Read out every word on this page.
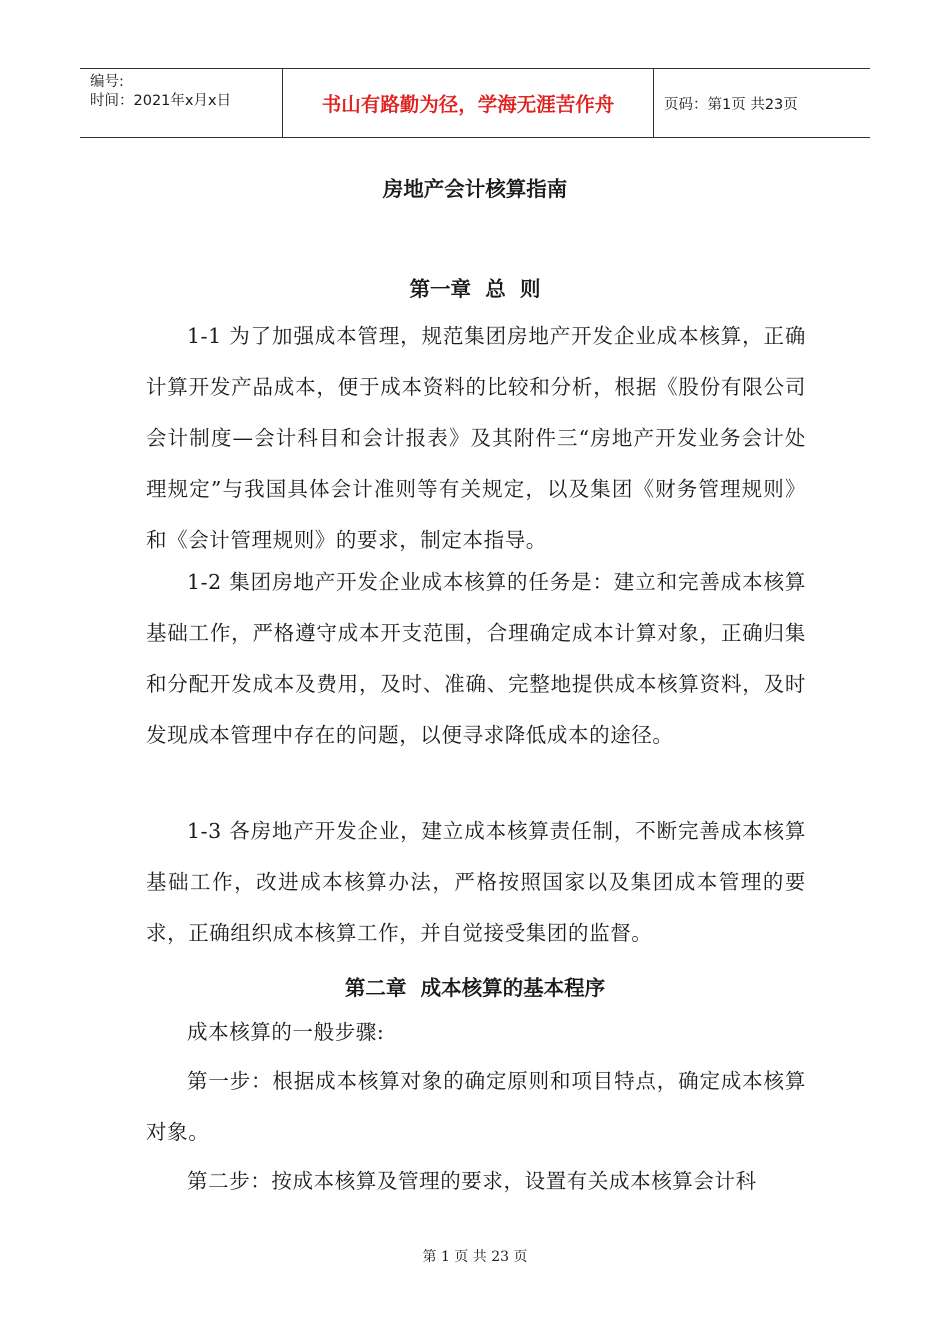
编号:
时间：2021年x月x日	书山有路勤为径，学海无涯苦作舟	页码：第1页 共23页
房地产会计核算指南
第一章  总  则
1-1 为了加强成本管理，规范集团房地产开发企业成本核算，正确计算开发产品成本，便于成本资料的比较和分析，根据《股份有限公司会计制度—会计科目和会计报表》及其附件三“房地产开发业务会计处理规定”与我国具体会计准则等有关规定，以及集团《财务管理规则》和《会计管理规则》的要求，制定本指导。
1-2 集团房地产开发企业成本核算的任务是：建立和完善成本核算基础工作，严格遵守成本开支范围，合理确定成本计算对象，正确归集和分配开发成本及费用，及时、准确、完整地提供成本核算资料，及时发现成本管理中存在的问题，以便寻求降低成本的途径。
1-3 各房地产开发企业，建立成本核算责任制，不断完善成本核算基础工作，改进成本核算办法，严格按照国家以及集团成本管理的要求，正确组织成本核算工作，并自觉接受集团的监督。
第二章  成本核算的基本程序
成本核算的一般步骤:
第一步：根据成本核算对象的确定原则和项目特点，确定成本核算对象。
第二步：按成本核算及管理的要求，设置有关成本核算会计科
第 1 页 共 23 页
